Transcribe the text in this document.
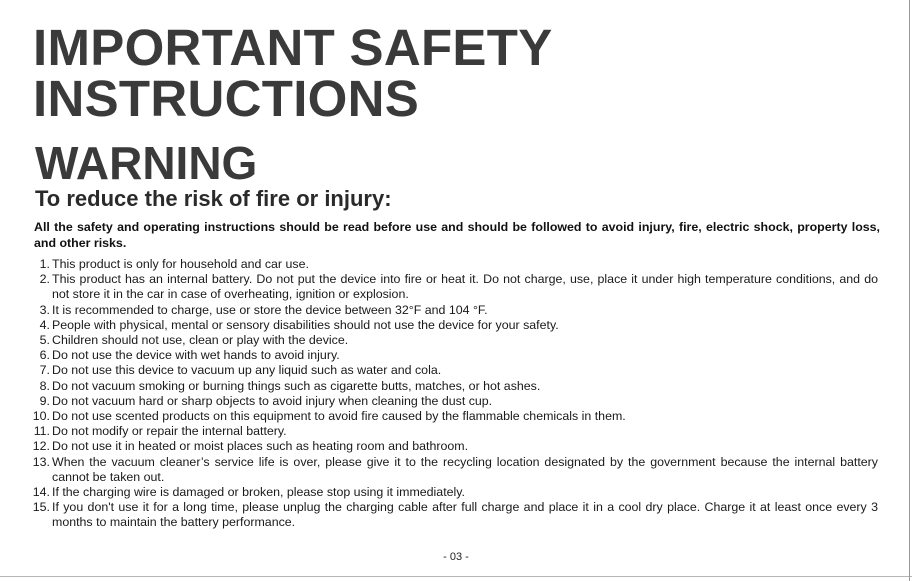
IMPORTANT SAFETY
INSTRUCTIONS
WARNING
To reduce the risk of fire or injury:
All the safety and operating instructions should be read before use and should be followed to avoid injury, fire, electric shock, property loss, and other risks.
1. This product is only for household and car use.
2. This product has an internal battery. Do not put the device into fire or heat it. Do not charge, use, place it under high temperature conditions, and do not store it in the car in case of overheating, ignition or explosion.
3. It is recommended to charge, use or store the device between 32°F and 104 °F.
4. People with physical, mental or sensory disabilities should not use the device for your safety.
5. Children should not use, clean or play with the device.
6. Do not use the device with wet hands to avoid injury.
7. Do not use this device to vacuum up any liquid such as water and cola.
8. Do not vacuum smoking or burning things such as cigarette butts, matches, or hot ashes.
9. Do not vacuum hard or sharp objects to avoid injury when cleaning the dust cup.
10. Do not use scented products on this equipment to avoid fire caused by the flammable chemicals in them.
11. Do not modify or repair the internal battery.
12. Do not use it in heated or moist places such as heating room and bathroom.
13. When the vacuum cleaner’s service life is over, please give it to the recycling location designated by the government because the internal battery cannot be taken out.
14. If the charging wire is damaged or broken, please stop using it immediately.
15. If you don't use it for a long time, please unplug the charging cable after full charge and place it in a cool dry place. Charge it at least once every 3 months to maintain the battery performance.
- 03 -
